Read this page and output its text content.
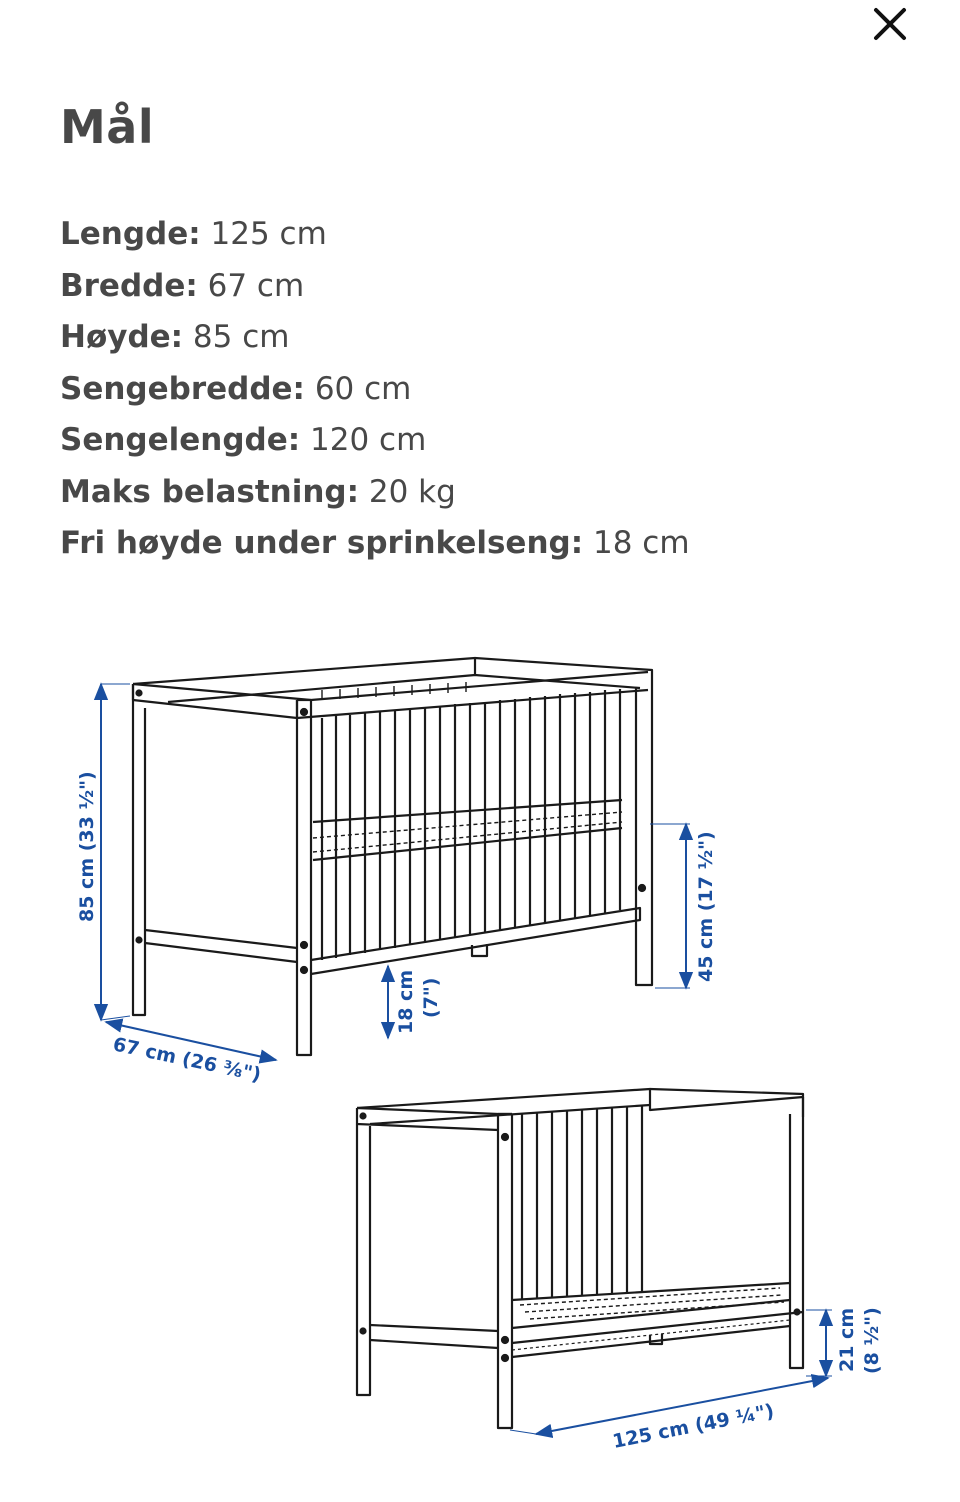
Mål
Lengde: 125 cm
Bredde: 67 cm
Høyde: 85 cm
Sengebredde: 60 cm
Sengelengde: 120 cm
Maks belastning: 20 kg
Fri høyde under sprinkelseng: 18 cm
85 cm (33 ½")
67 cm (26 ⅜")
45 cm (17 ½")
18 cm (7")
125 cm (49 ¼")
21 cm (8 ½")
